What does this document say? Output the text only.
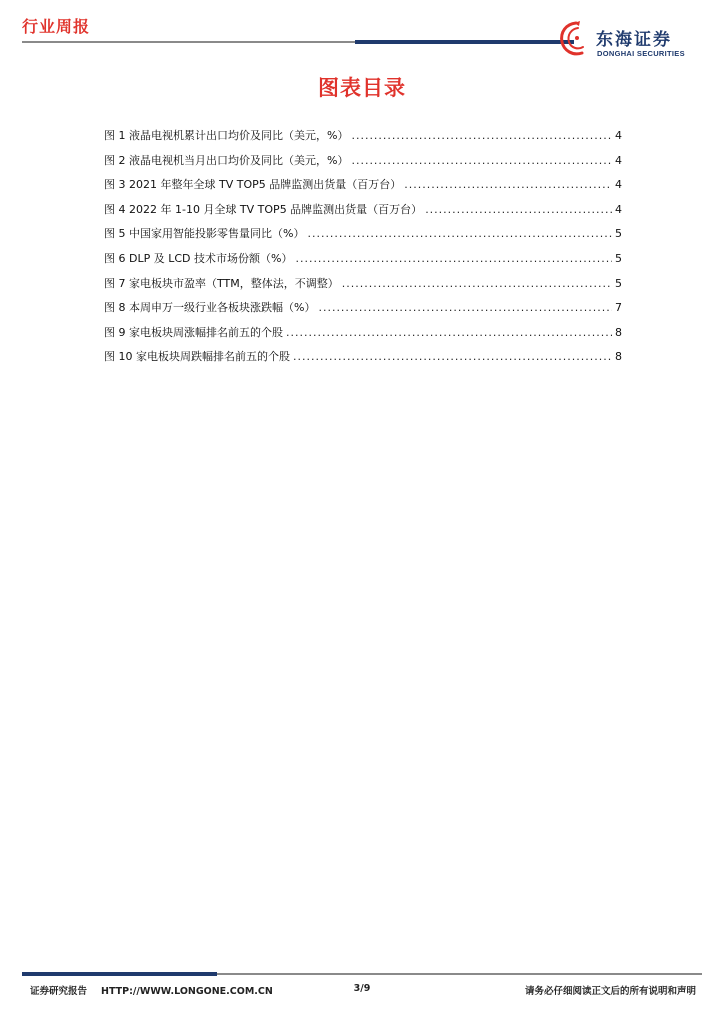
行业周报
东海证券
DONGHAI SECURITIES
图表目录
图 1 液晶电视机累计出口均价及同比（美元，%） .....	4
图 2 液晶电视机当月出口均价及同比（美元，%） .....	4
图 3 2021 年整年全球 TV TOP5 品牌监测出货量（百万台） .....	4
图 4 2022 年 1-10 月全球 TV TOP5 品牌监测出货量（百万台） .....	4
图 5 中国家用智能投影零售量同比（%） .....	5
图 6 DLP 及 LCD 技术市场份额（%） .....	5
图 7 家电板块市盈率（TTM，整体法，不调整） .....	5
图 8 本周申万一级行业各板块涨跌幅（%） .....	7
图 9 家电板块周涨幅排名前五的个股 .....	8
图 10 家电板块周跌幅排名前五的个股 .....	8
证券研究报告 HTTP://WWW.LONGONE.COM.CN	3/9	请务必仔细阅读正文后的所有说明和声明
